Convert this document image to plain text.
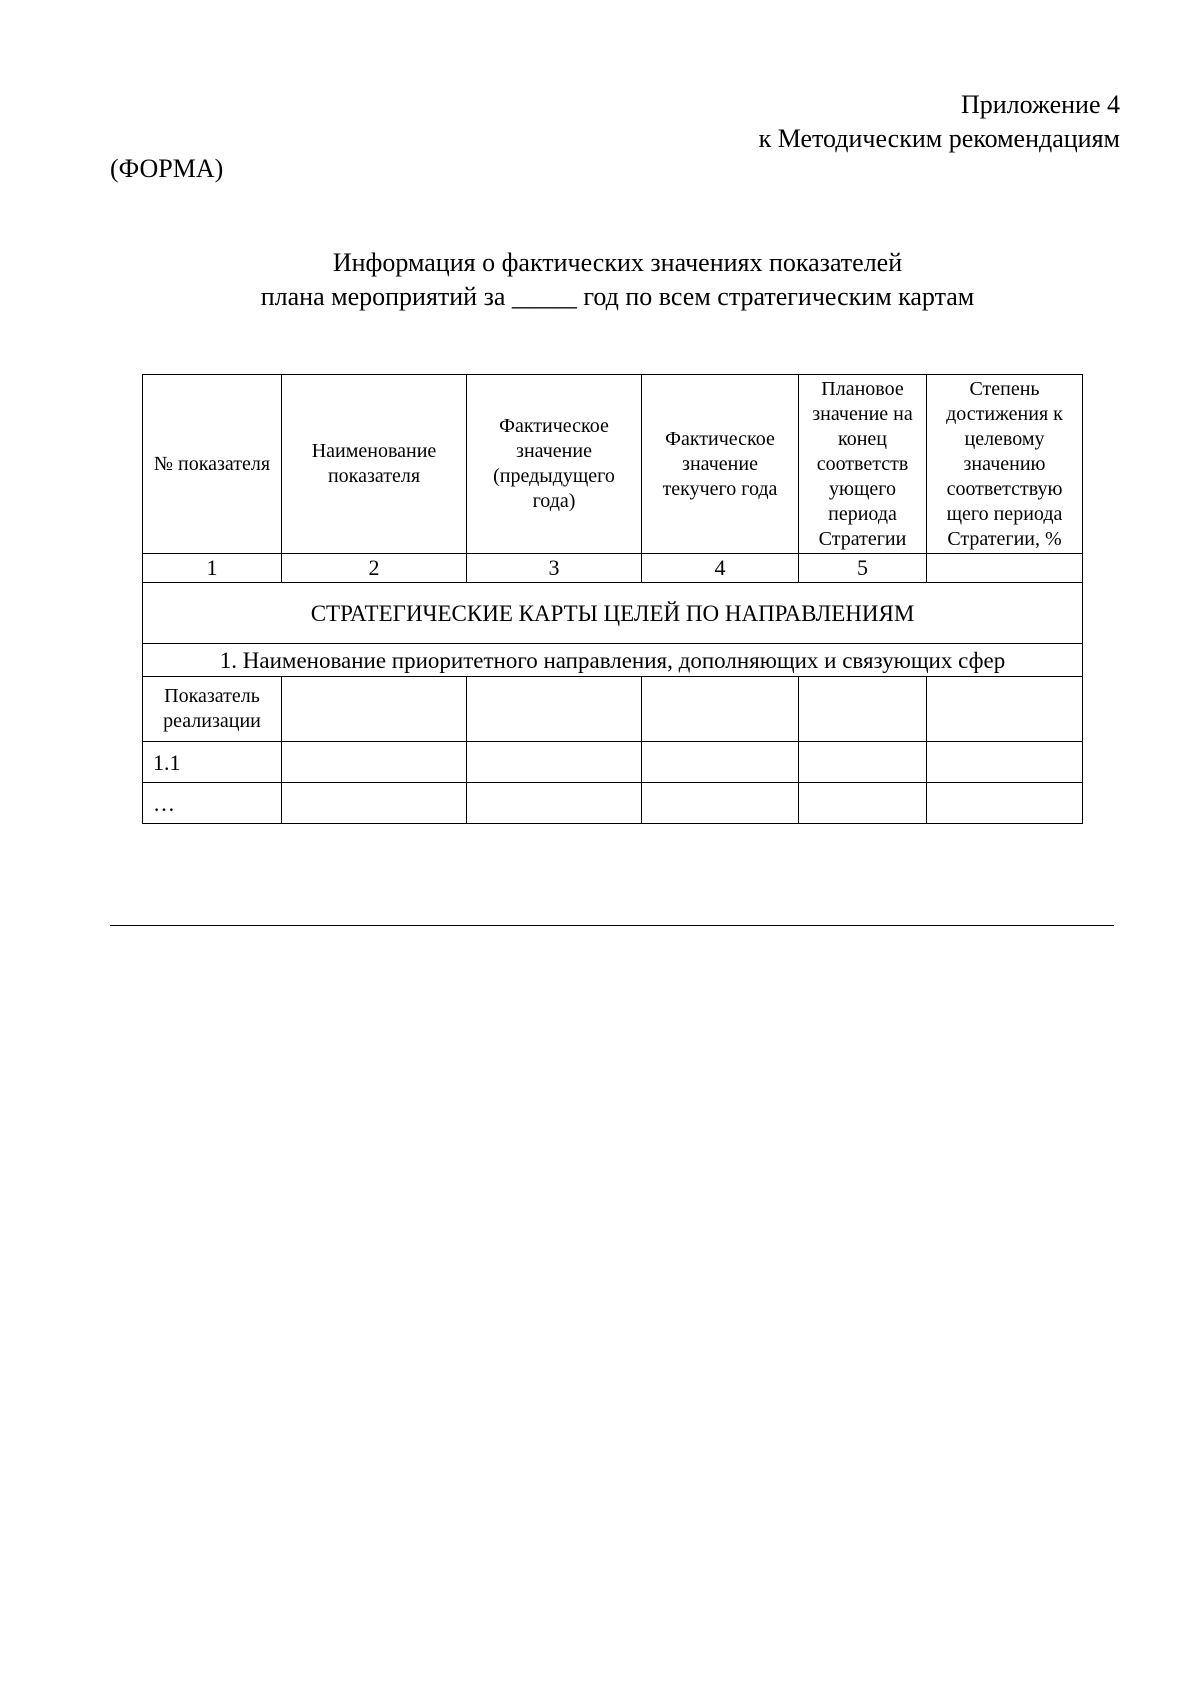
Приложение 4
к Методическим рекомендациям
(ФОРМА)
Информация о фактических значениях показателей
плана мероприятий за _____ год по всем стратегическим картам
№ показателя	Наименование показателя	Фактическое значение (предыдущего года)	Фактическое значение текучего года	Плановое значение на конец соответств ующего периода Стратегии	Степень достижения к целевому значению соответствую щего периода Стратегии, %
1	2	3	4	5	
СТРАТЕГИЧЕСКИЕ КАРТЫ ЦЕЛЕЙ ПО НАПРАВЛЕНИЯМ					
1. Наименование приоритетного направления, дополняющих и связующих сфер					
Показатель реализации					
1.1					
…					
